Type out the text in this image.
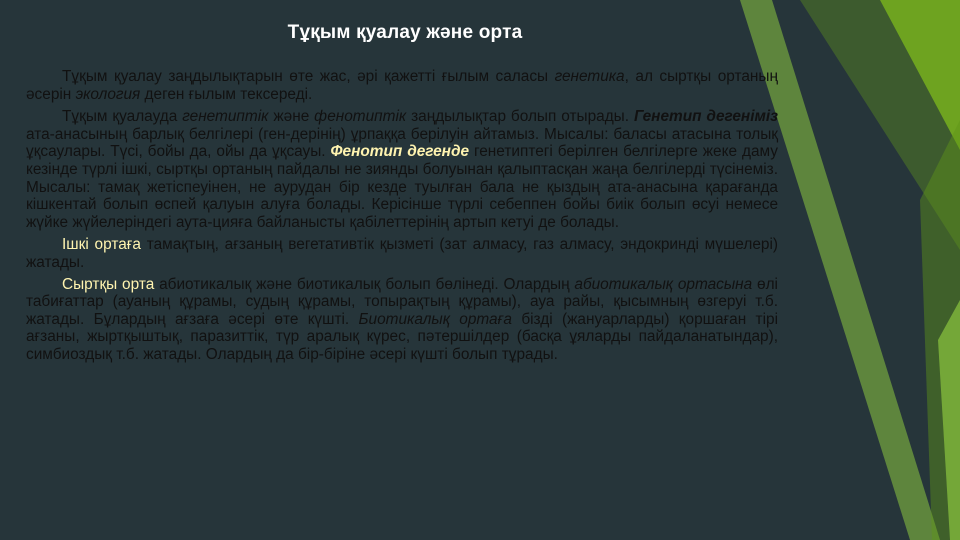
Тұқым қуалау және орта

Тұқым қуалау заңдылықтарын өте жас, әрі қажетті ғылым саласы генетика, ал сыртқы ортаның әсерін экология деген ғылым тексереді.

Тұқым қуалауда генетиптік және фенотиптік заңдылықтар болып отырады. Генетип дегеніміз ата-анасының барлық белгілері (ген-дерінің) ұрпаққа берілуін айтамыз. Мысалы: баласы атасына толық ұқсаулары. Түсі, бойы да, ойы да ұқсауы. Фенотип дегенде генетиптегі берілген белгілерге жеке даму кезінде түрлі ішкі, сыртқы ортаның пайдалы не зиянды болуынан қалыптасқан жаңа белгілерді түсінеміз. Мысалы: тамақ жетіспеуінен, не аурудан бір кезде туылған бала не қыздың ата-анасына қарағанда кішкентай болып өспей қалуын алуға болады. Керісінше түрлі себеппен бойы биік болып өсуі немесе жүйке жүйелеріндегі аута-цияға байланысты қабілеттерінің артып кетуі де болады.

Ішкі ортаға тамақтың, ағзаның вегетативтік қызметі (зат алмасу, газ алмасу, эндокринді мүшелері) жатады.

Сыртқы орта абиотикалық және биотикалық болып бөлінеді. Олардың абиотикалық ортасына өлі табиғаттар (ауаның құрамы, судың құрамы, топырақтың құрамы), ауа райы, қысымның өзгеруі т.б. жатады. Бұлардың ағзаға әсері өте күшті. Биотикалық ортаға бізді (жануарларды) қоршаған тірі ағзаны, жыртқыштық, паразиттік, түр аралық күрес, пәтершілдер (басқа ұяларды пайдаланатындар), симбиоздық т.б. жатады. Олардың да бір-біріне әсері күшті болып тұрады.
